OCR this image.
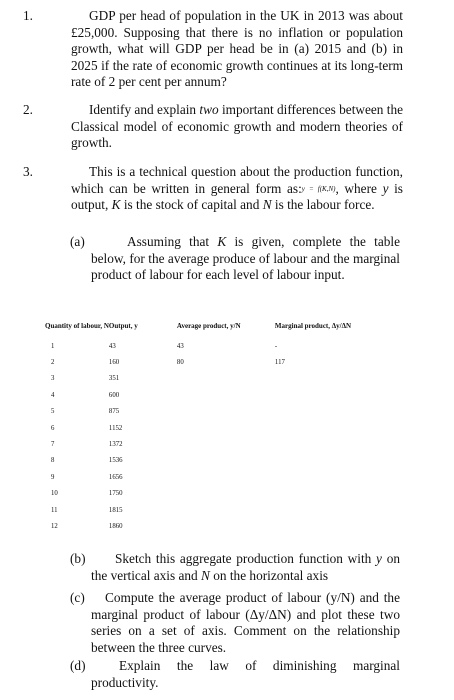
1.	GDP per head of population in the UK in 2013 was about £25,000. Supposing that there is no inflation or population growth, what will GDP per head be in (a) 2015 and (b) in 2025 if the rate of economic growth continues at its long-term rate of 2 per cent per annum?
2.	Identify and explain two important differences between the Classical model of economic growth and modern theories of growth.
3.	This is a technical question about the production function, which can be written in general form as:y = f(K,N), where y is output, K is the stock of capital and N is the labour force.
(a)	Assuming that K is given, complete the table below, for the average produce of labour and the marginal product of labour for each level of labour input.
Quantity of labour, N	Output, y	Average product, y/N	Marginal product, Δy/ΔN
1	43	43	-
2	160	80	117
3	351		
4	600		
5	875		
6	1152		
7	1372		
8	1536		
9	1656		
10	1750		
11	1815		
12	1860		
(b)	Sketch this aggregate production function with y on the vertical axis and N on the horizontal axis
(c)	Compute the average product of labour (y/N) and the marginal product of labour (Δy/ΔN) and plot these two series on a set of axis. Comment on the relationship between the three curves.
(d)	Explain the law of diminishing marginal productivity.
